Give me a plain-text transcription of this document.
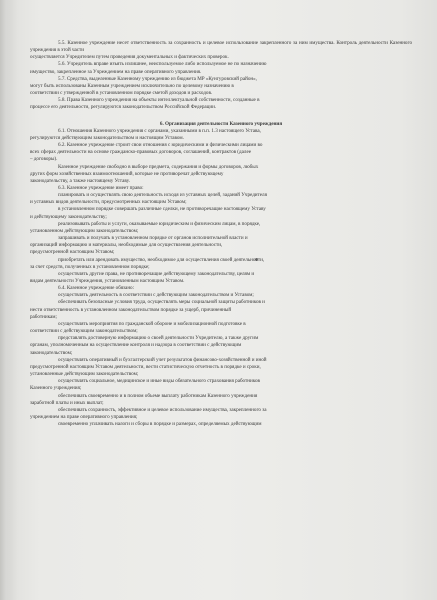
5.5. Казенное учреждение несет ответственность за сохранность и целевое использование закрепленного за ним имущества. Контроль деятельности Казенного учреждения в этой части

осуществляется Учредителем путем проведения документальных и фактических проверок.

5.6. Учредитель вправе изъять излишнее, неиспользуемое либо используемое не по назначению

имущество, закрепленное за Учреждением на праве оперативного управления.

5.7. Средства, выделенные Казенному учреждению из бюджета МР «Кунгуровский район»,

могут быть использованы Казенным учреждением исключительно по целевому назначению в

соответствии с утвержденной в установленном порядке сметой доходов и расходов.

5.8. Права Казенного учреждения на объекты интеллектуальной собственности, созданные в

процессе его деятельности, регулируются законодательством Российской Федерации.

6. Организация деятельности Казенного учреждения

6.1. Отношения Казенного учреждения с органами, указанными в п.п. 1.3 настоящего Устава,

регулируются действующим законодательством и настоящим Уставом.

6.2. Казенное учреждение строит свои отношения с юридическими и физическими лицами во

всех сферах деятельности на основе гражданско-правовых договоров, соглашений, контрактов (далее

– договоры).

Казенное учреждение свободно в выборе предмета, содержания и формы договоров, любых

других форм хозяйственных взаимоотношений, которые не противоречат действующему

законодательству, а также настоящему Уставу.

6.3. Казенное учреждение имеет право:

планировать и осуществлять свою деятельность исходя из уставных целей, заданий Учредителя

и уставных видов деятельности, предусмотренных настоящим Уставом;

в установленном порядке совершать различные сделки, не противоречащие настоящему Уставу

и действующему законодательству;

реализовывать работы и услуги, оказываемые юридическим и физическим лицам, в порядке,

установленном действующим законодательством;

запрашивать и получать в установленном порядке от органов исполнительной власти и

организаций информацию и материалы, необходимые для осуществления деятельности,

предусмотренной настоящим Уставом;

приобретать или арендовать имущество, необходимое для осуществления своей деятельности,

за счет средств, полученных в установленном порядке;

осуществлять другие права, не противоречащие действующему законодательству, целям и

видам деятельности Учреждения, установленным настоящим Уставом.

6.4. Казенное учреждение обязано:

осуществлять деятельность в соответствии с действующим законодательством и Уставом;

обеспечивать безопасные условия труда, осуществлять меры социальной защиты работников и

нести ответственность в установленном законодательством порядке за ущерб, причиненный

работникам;

осуществлять мероприятия по гражданской обороне и мобилизационной подготовке в

соответствии с действующим законодательством;

представлять достоверную информацию о своей деятельности Учредителю, а также другим

органам, уполномоченным на осуществление контроля и надзора в соответствии с действующим

законодательством;

осуществлять оперативный и бухгалтерский учет результатов финансово-хозяйственной и иной

предусмотренной настоящим Уставом деятельности, вести статистическую отчетность в порядке и сроки,

установленные действующим законодательством;

осуществлять социальное, медицинское и иные виды обязательного страхования работников

Казенного учреждения;

обеспечивать своевременно и в полном объеме выплату работникам Казенного учреждения

заработной платы и иных выплат;

обеспечивать сохранность, эффективное и целевое использование имущества, закрепленного за

учреждением на праве оперативного управления;

своевременно уплачивать налоги и сборы в порядке и размерах, определяемых действующим
